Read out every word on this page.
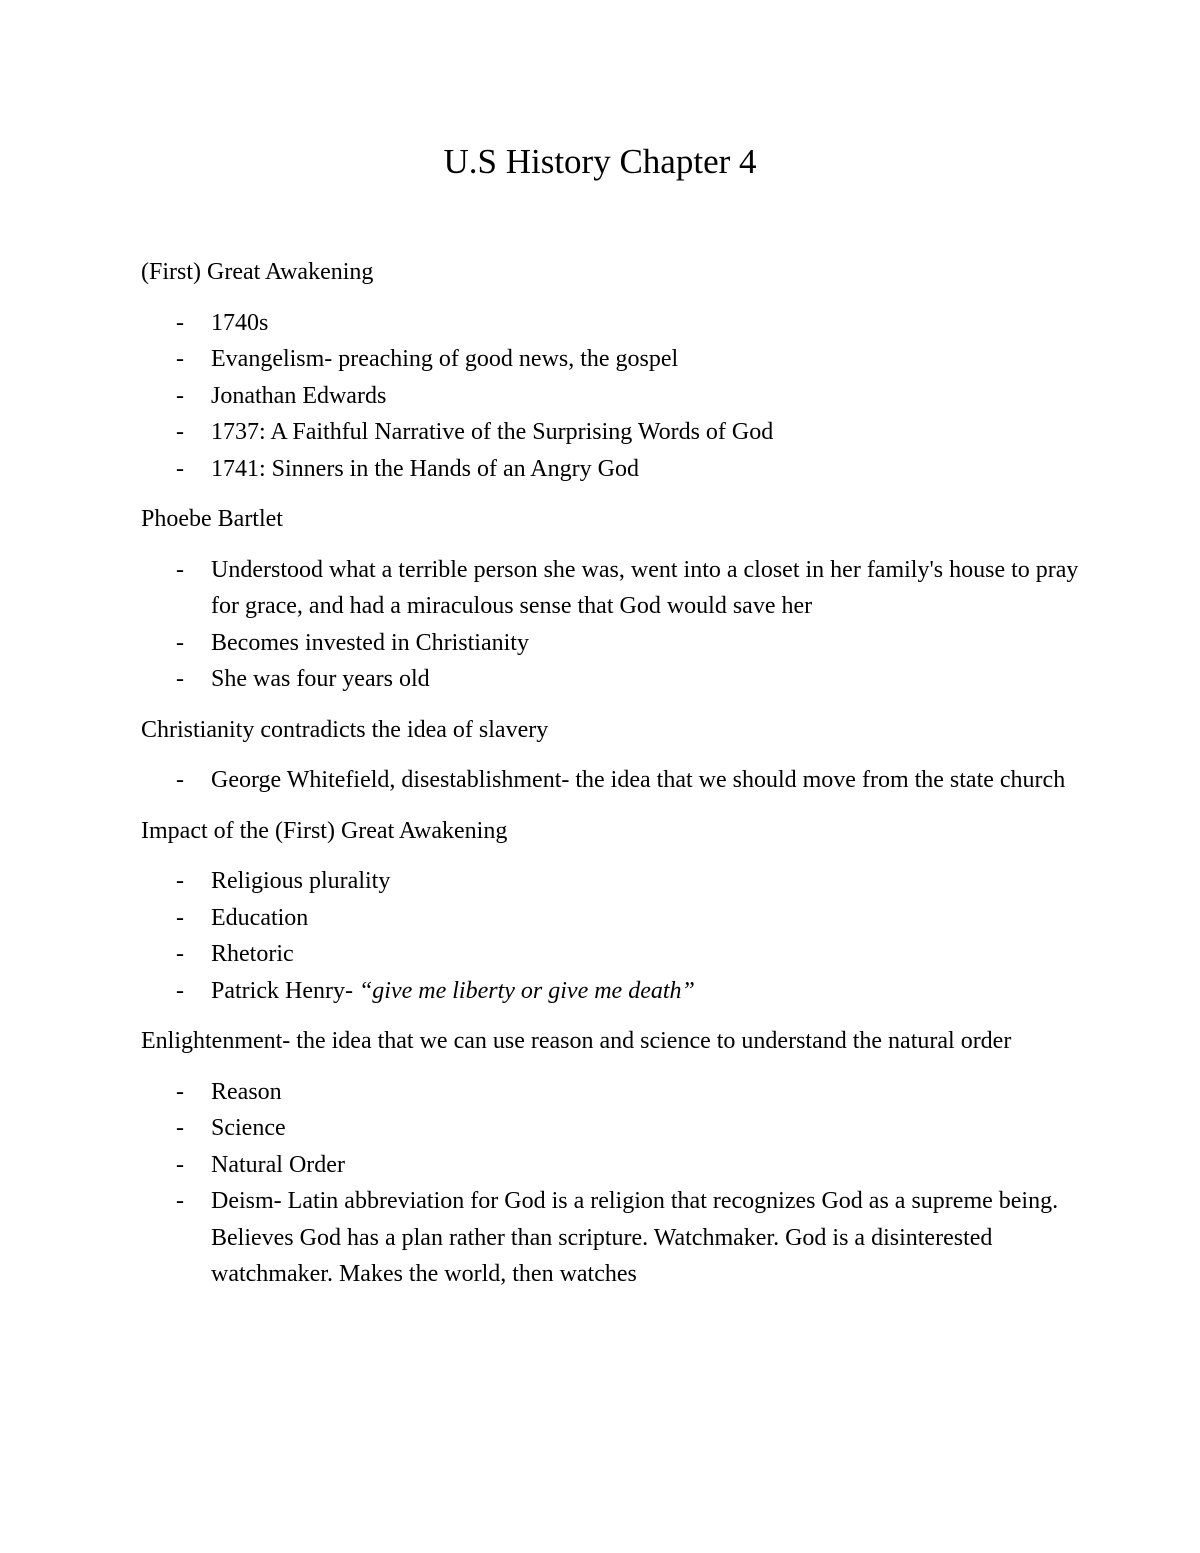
U.S History Chapter 4
(First) Great Awakening
- 1740s
- Evangelism- preaching of good news, the gospel
- Jonathan Edwards
- 1737: A Faithful Narrative of the Surprising Words of God
- 1741: Sinners in the Hands of an Angry God
Phoebe Bartlet
- Understood what a terrible person she was, went into a closet in her family's house to pray for grace, and had a miraculous sense that God would save her
- Becomes invested in Christianity
- She was four years old
Christianity contradicts the idea of slavery
- George Whitefield, disestablishment- the idea that we should move from the state church
Impact of the (First) Great Awakening
- Religious plurality
- Education
- Rhetoric
- Patrick Henry- “give me liberty or give me death”
Enlightenment- the idea that we can use reason and science to understand the natural order
- Reason
- Science
- Natural Order
- Deism- Latin abbreviation for God is a religion that recognizes God as a supreme being. Believes God has a plan rather than scripture. Watchmaker. God is a disinterested watchmaker. Makes the world, then watches
